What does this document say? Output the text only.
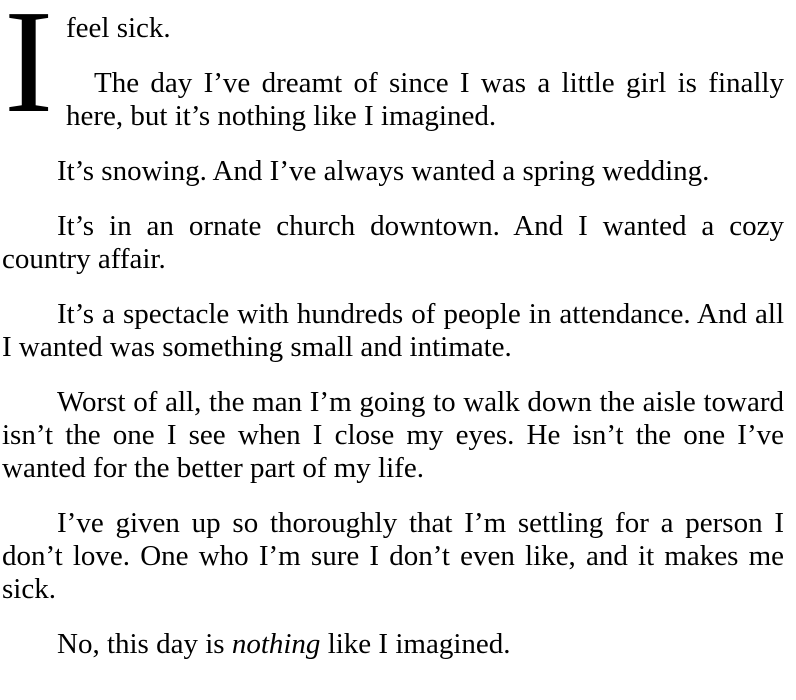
I feel sick.

The day I’ve dreamt of since I was a little girl is finally here, but it’s nothing like I imagined.

It’s snowing. And I’ve always wanted a spring wedding.

It’s in an ornate church downtown. And I wanted a cozy country affair.

It’s a spectacle with hundreds of people in attendance. And all I wanted was something small and intimate.

Worst of all, the man I’m going to walk down the aisle toward isn’t the one I see when I close my eyes. He isn’t the one I’ve wanted for the better part of my life.

I’ve given up so thoroughly that I’m settling for a person I don’t love. One who I’m sure I don’t even like, and it makes me sick.

No, this day is nothing like I imagined.
